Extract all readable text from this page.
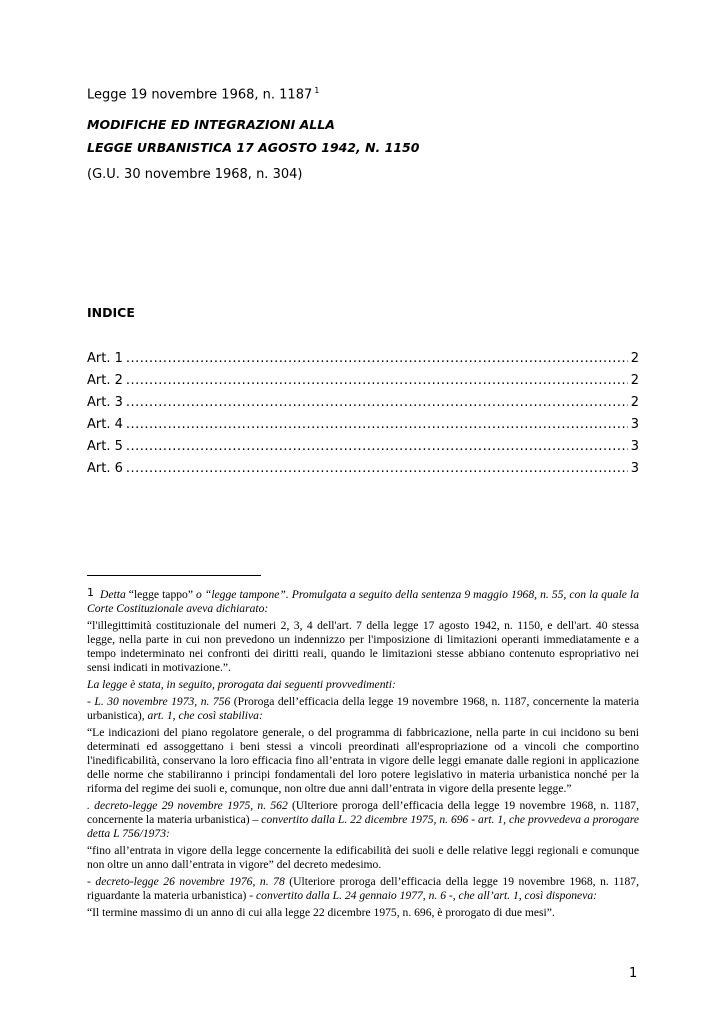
Legge 19 novembre 1968, n. 1187 $^1$
MODIFICHE ED INTEGRAZIONI ALLA
LEGGE URBANISTICA 17 AGOSTO 1942, N. 1150
(G.U. 30 novembre 1968, n. 304)
INDICE
Art. 1 .....	2
Art. 2 .....	2
Art. 3 .....	2
Art. 4 .....	3
Art. 5 .....	3
Art. 6 .....	3

1 Detta “legge tappo” o “legge tampone”. Promulgata a seguito della sentenza 9 maggio 1968, n. 55, con la quale la Corte Costituzionale aveva dichiarato:

“l'illegittimità costituzionale del numeri 2, 3, 4 dell'art. 7 della legge 17 agosto 1942, n. 1150, e dell'art. 40 stessa legge, nella parte in cui non prevedono un indennizzo per l'imposizione di limitazioni operanti immediatamente e a tempo indeterminato nei confronti dei diritti reali, quando le limitazioni stesse abbiano contenuto espropriativo nei sensi indicati in motivazione.”.

La legge è stata, in seguito, prorogata dai seguenti provvedimenti:

- L. 30 novembre 1973, n. 756 (Proroga dell’efficacia della legge 19 novembre 1968, n. 1187, concernente la materia urbanistica), art. 1, che così stabiliva:

“Le indicazioni del piano regolatore generale, o del programma di fabbricazione, nella parte in cui incidono su beni determinati ed assoggettano i beni stessi a vincoli preordinati all'espropriazione od a vincoli che comportino l'inedificabilità, conservano la loro efficacia fino all’entrata in vigore delle leggi emanate dalle regioni in applicazione delle norme che stabiliranno i principi fondamentali del loro potere legislativo in materia urbanistica nonché per la riforma del regime dei suoli e, comunque, non oltre due anni dall’entrata in vigore della presente legge.”

. decreto-legge 29 novembre 1975, n. 562 (Ulteriore proroga dell’efficacia della legge 19 novembre 1968, n. 1187, concernente la materia urbanistica) – convertito dalla L. 22 dicembre 1975, n. 696 - art. 1, che provvedeva a prorogare detta L 756/1973:

“fino all’entrata in vigore della legge concernente la edificabilità dei suoli e delle relative leggi regionali e comunque non oltre un anno dall’entrata in vigore” del decreto medesimo.

- decreto-legge 26 novembre 1976, n. 78 (Ulteriore proroga dell’efficacia della legge 19 novembre 1968, n. 1187, riguardante la materia urbanistica) - convertito dalla L. 24 gennaio 1977, n. 6 -, che all’art. 1, così disponeva:

“Il termine massimo di un anno di cui alla legge 22 dicembre 1975, n. 696, è prorogato di due mesi”.

1
